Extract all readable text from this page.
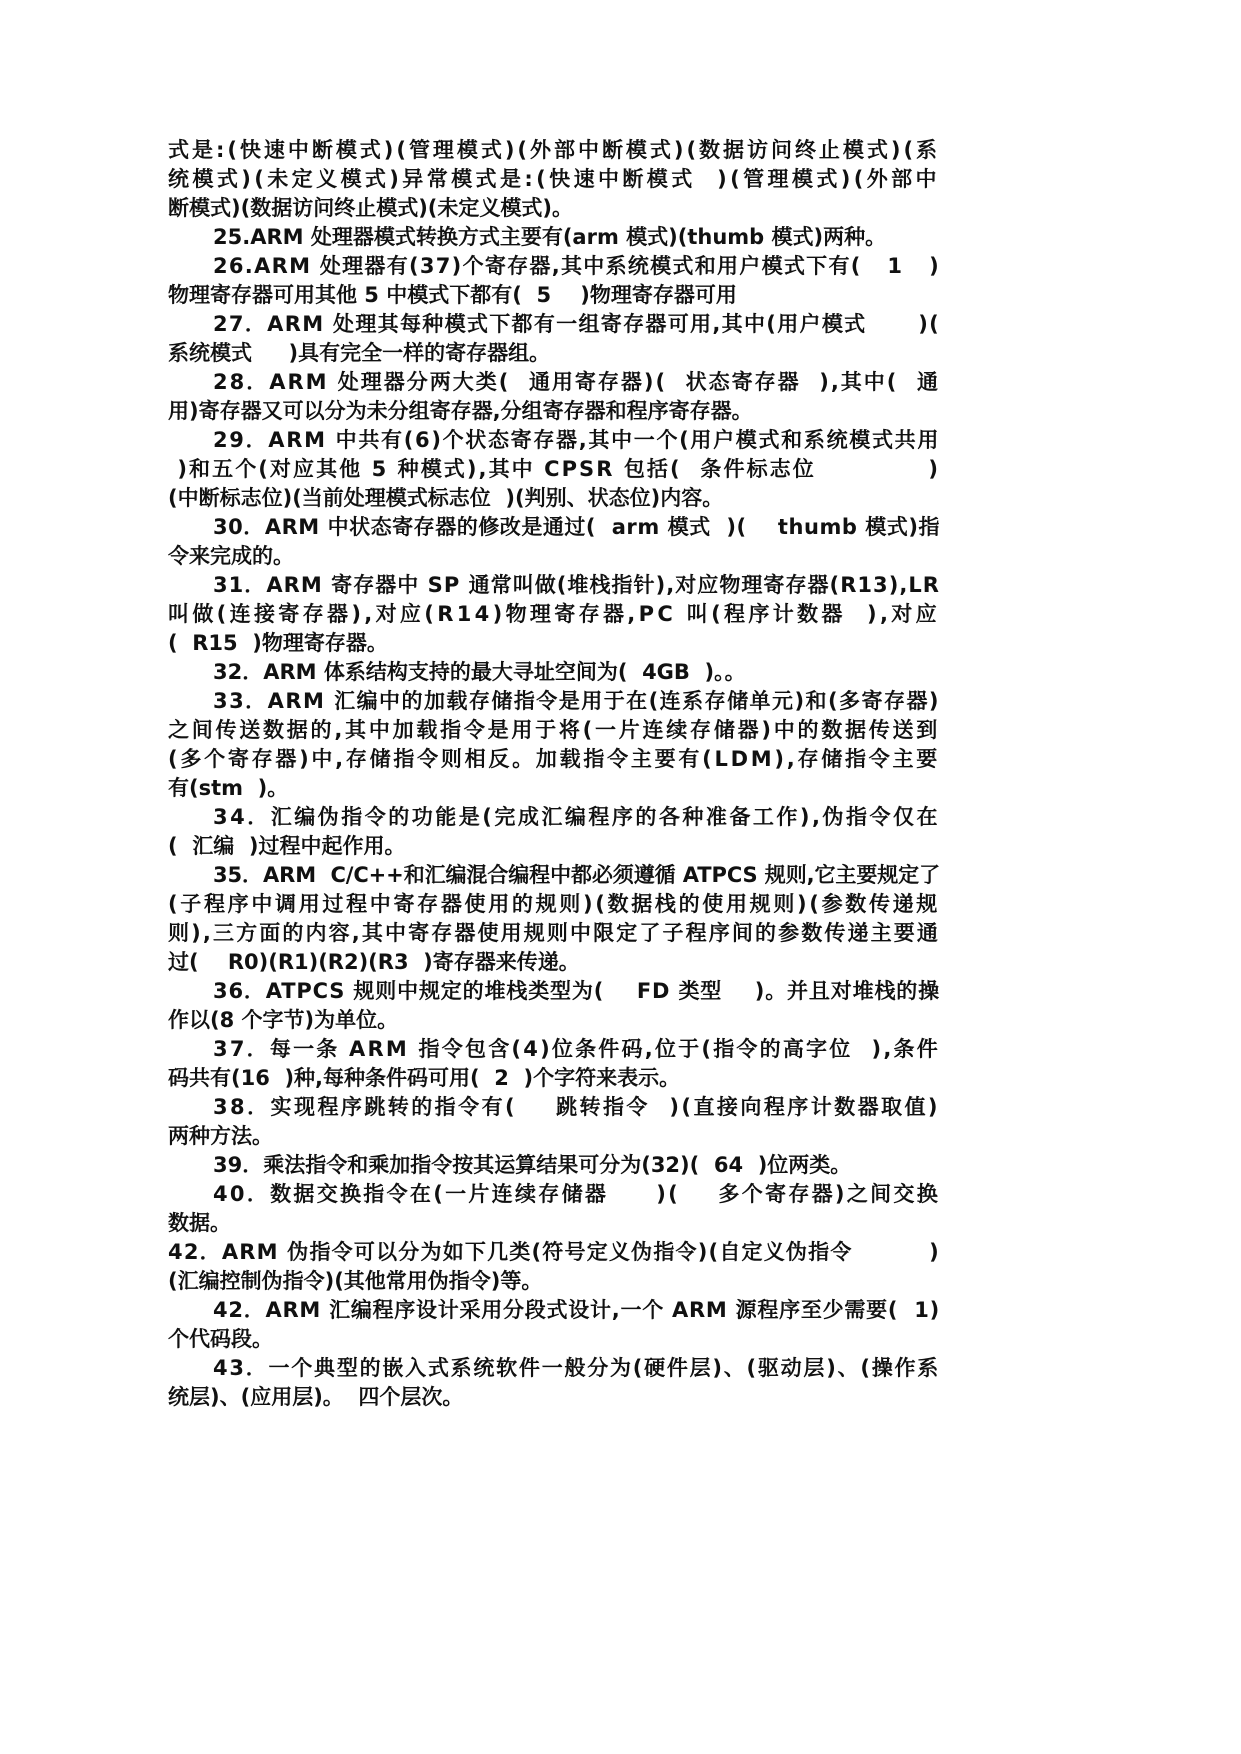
式是:(快速中断模式)(管理模式)(外部中断模式)(数据访问终止模式)(系
统模式)(未定义模式)异常模式是:(快速中断模式  )(管理模式)(外部中
断模式)(数据访问终止模式)(未定义模式)。
25.ARM 处理器模式转换方式主要有(arm 模式)(thumb 模式)两种。
26.ARM 处理器有(37)个寄存器,其中系统模式和用户模式下有(   1   )
物理寄存器可用其他 5 中模式下都有(  5    )物理寄存器可用
27．ARM 处理其每种模式下都有一组寄存器可用,其中(用户模式      )(
系统模式     )具有完全一样的寄存器组。
28．ARM 处理器分两大类(  通用寄存器)(  状态寄存器  ),其中(  通
用)寄存器又可以分为未分组寄存器,分组寄存器和程序寄存器。
29．ARM 中共有(6)个状态寄存器,其中一个(用户模式和系统模式共用
)和五个(对应其他 5 种模式),其中 CPSR 包括(  条件标志位            )
(中断标志位)(当前处理模式标志位  )(判别、状态位)内容。
30．ARM 中状态寄存器的修改是通过(  arm 模式  )(    thumb 模式)指
令来完成的。
31．ARM 寄存器中 SP 通常叫做(堆栈指针),对应物理寄存器(R13),LR
叫做(连接寄存器),对应(R14)物理寄存器,PC 叫(程序计数器  ),对应
(  R15  )物理寄存器。
32．ARM 体系结构支持的最大寻址空间为(  4GB  )。。
33．ARM 汇编中的加载存储指令是用于在(连系存储单元)和(多寄存器)
之间传送数据的,其中加载指令是用于将(一片连续存储器)中的数据传送到
(多个寄存器)中,存储指令则相反。加载指令主要有(LDM),存储指令主要
有(stm  )。
34．汇编伪指令的功能是(完成汇编程序的各种准备工作),伪指令仅在
(  汇编  )过程中起作用。
35．ARM  C/C++和汇编混合编程中都必须遵循 ATPCS 规则,它主要规定了
(子程序中调用过程中寄存器使用的规则)(数据栈的使用规则)(参数传递规
则),三方面的内容,其中寄存器使用规则中限定了子程序间的参数传递主要通
过(    R0)(R1)(R2)(R3  )寄存器来传递。
36．ATPCS 规则中规定的堆栈类型为(    FD 类型    )。并且对堆栈的操
作以(8 个字节)为单位。
37．每一条 ARM 指令包含(4)位条件码,位于(指令的高字位  ),条件
码共有(16  )种,每种条件码可用(  2  )个字符来表示。
38．实现程序跳转的指令有(    跳转指令  )(直接向程序计数器取值)
两种方法。
39．乘法指令和乘加指令按其运算结果可分为(32)(  64  )位两类。
40．数据交换指令在(一片连续存储器     )(    多个寄存器)之间交换
数据。
42．ARM 伪指令可以分为如下几类(符号定义伪指令)(自定义伪指令         )
(汇编控制伪指令)(其他常用伪指令)等。
42．ARM 汇编程序设计采用分段式设计,一个 ARM 源程序至少需要(  1)
个代码段。
43．一个典型的嵌入式系统软件一般分为(硬件层)、(驱动层)、(操作系
统层)、(应用层)。  四个层次。
